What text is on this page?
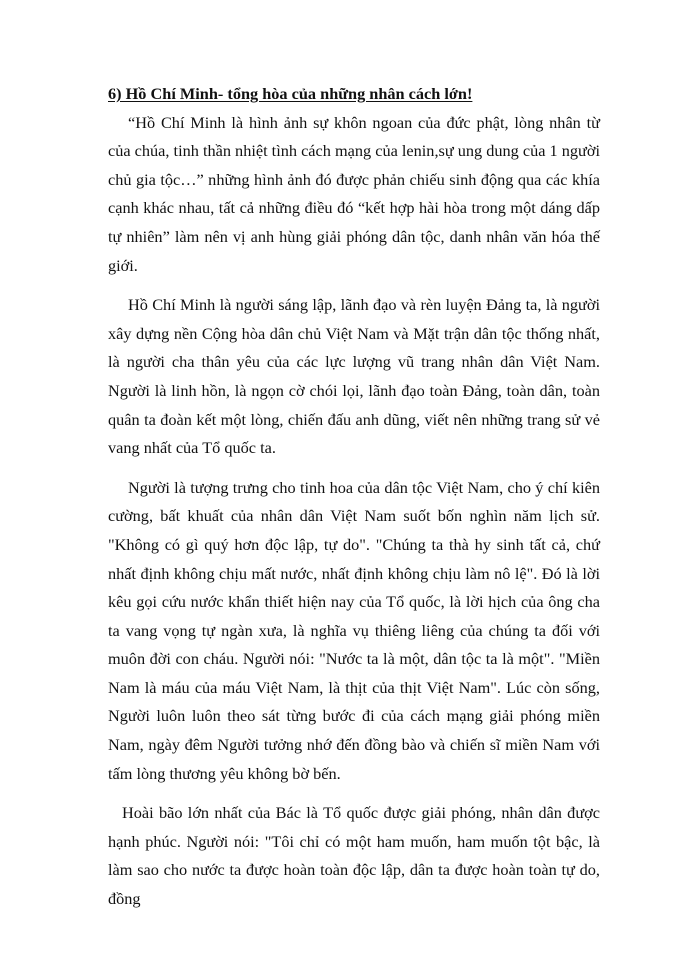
6) Hồ Chí Minh- tổng hòa của những nhân cách lớn!

“Hồ Chí Minh là hình ảnh sự khôn ngoan của đức phật, lòng nhân từ của chúa, tinh thần nhiệt tình cách mạng của lenin,sự ung dung của 1 người chủ gia tộc…” những hình ảnh đó được phản chiếu sinh động qua các khía cạnh khác nhau, tất cả những điều đó “kết hợp hài hòa trong một dáng dấp tự nhiên” làm nên vị anh hùng giải phóng dân tộc, danh nhân văn hóa thế giới.

Hồ Chí Minh là người sáng lập, lãnh đạo và rèn luyện Đảng ta, là người xây dựng nền Cộng hòa dân chủ Việt Nam và Mặt trận dân tộc thống nhất, là người cha thân yêu của các lực lượng vũ trang nhân dân Việt Nam. Người là linh hồn, là ngọn cờ chói lọi, lãnh đạo toàn Đảng, toàn dân, toàn quân ta đoàn kết một lòng, chiến đấu anh dũng, viết nên những trang sử vẻ vang nhất của Tổ quốc ta.

Người là tượng trưng cho tinh hoa của dân tộc Việt Nam, cho ý chí kiên cường, bất khuất của nhân dân Việt Nam suốt bốn nghìn năm lịch sử. "Không có gì quý hơn độc lập, tự do". "Chúng ta thà hy sinh tất cả, chứ nhất định không chịu mất nước, nhất định không chịu làm nô lệ". Đó là lời kêu gọi cứu nước khẩn thiết hiện nay của Tổ quốc, là lời hịch của ông cha ta vang vọng tự ngàn xưa, là nghĩa vụ thiêng liêng của chúng ta đối với muôn đời con cháu. Người nói: "Nước ta là một, dân tộc ta là một". "Miền Nam là máu của máu Việt Nam, là thịt của thịt Việt Nam". Lúc còn sống, Người luôn luôn theo sát từng bước đi của cách mạng giải phóng miền Nam, ngày đêm Người tưởng nhớ đến đồng bào và chiến sĩ miền Nam với tấm lòng thương yêu không bờ bến.

Hoài bão lớn nhất của Bác là Tổ quốc được giải phóng, nhân dân được hạnh phúc. Người nói: "Tôi chỉ có một ham muốn, ham muốn tột bậc, là làm sao cho nước ta được hoàn toàn độc lập, dân ta được hoàn toàn tự do, đồng
